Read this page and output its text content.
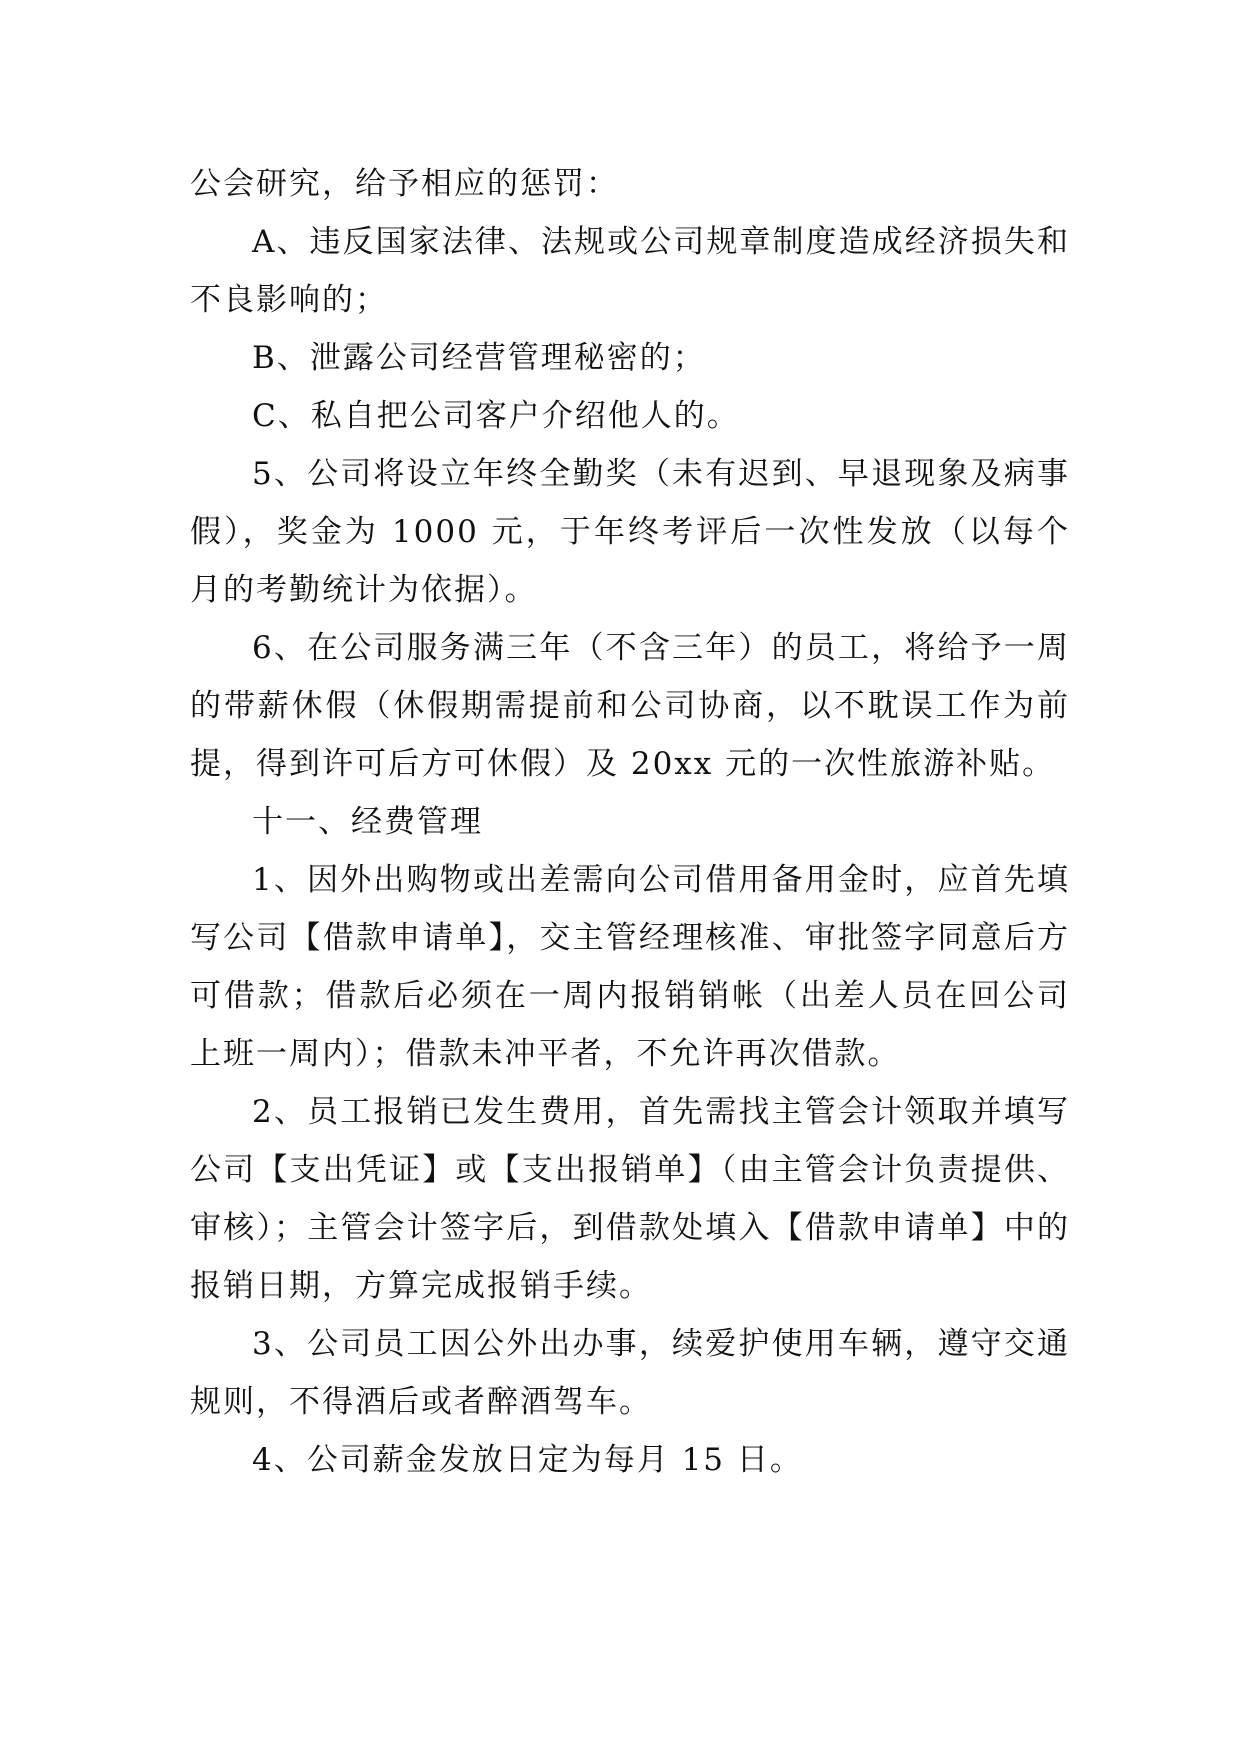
公会研究，给予相应的惩罚：

A、违反国家法律、法规或公司规章制度造成经济损失和不良影响的；

B、泄露公司经营管理秘密的；

C、私自把公司客户介绍他人的。

5、公司将设立年终全勤奖（未有迟到、早退现象及病事假），奖金为 1000 元，于年终考评后一次性发放（以每个月的考勤统计为依据）。

6、在公司服务满三年（不含三年）的员工，将给予一周的带薪休假（休假期需提前和公司协商，以不耽误工作为前提，得到许可后方可休假）及 20xx 元的一次性旅游补贴。

十一、经费管理

1、因外出购物或出差需向公司借用备用金时，应首先填写公司【借款申请单】，交主管经理核准、审批签字同意后方可借款；借款后必须在一周内报销销帐（出差人员在回公司上班一周内）；借款未冲平者，不允许再次借款。

2、员工报销已发生费用，首先需找主管会计领取并填写公司【支出凭证】或【支出报销单】（由主管会计负责提供、审核）；主管会计签字后，到借款处填入【借款申请单】中的报销日期，方算完成报销手续。

3、公司员工因公外出办事，续爱护使用车辆，遵守交通规则，不得酒后或者醉酒驾车。

4、公司薪金发放日定为每月 15 日。
